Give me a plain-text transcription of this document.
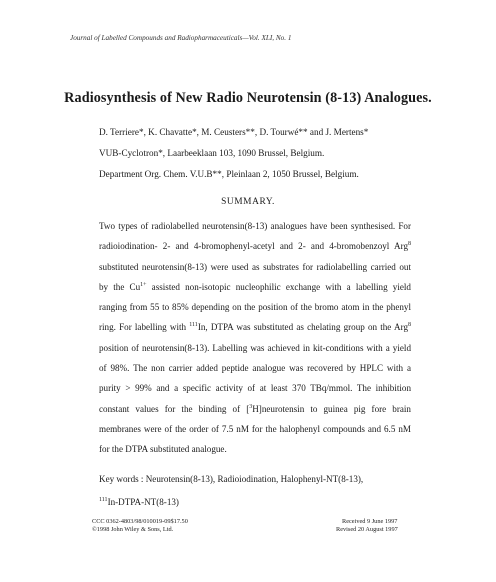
Journal of Labelled Compounds and Radiopharmaceuticals—Vol. XLI, No. 1
Radiosynthesis of New Radio Neurotensin (8-13) Analogues.
D. Terriere*, K. Chavatte*, M. Ceusters**, D. Tourwé** and J. Mertens*
VUB-Cyclotron*, Laarbeeklaan 103, 1090 Brussel, Belgium.
Department Org. Chem. V.U.B**, Pleinlaan 2, 1050 Brussel, Belgium.
SUMMARY.
Two types of radiolabelled neurotensin(8-13) analogues have been synthesised. For
radioiodination- 2- and 4-bromophenyl-acetyl and 2- and 4-bromobenzoyl Arg$^8$
substituted neurotensin(8-13) were used as substrates for radiolabelling carried out
by the $Cu^{1+}$ assisted non-isotopic nucleophilic exchange with a labelling yield
ranging from 55 to 85% depending on the position of the bromo atom in the phenyl
ring. For labelling with $^{111}$In, DTPA was substituted as chelating group on the Arg$^8$
position of neurotensin(8-13). Labelling was achieved in kit-conditions with a yield
of 98%. The non carrier added peptide analogue was recovered by HPLC with a
purity > 99% and a specific activity of at least 370 TBq/mmol. The inhibition
constant values for the binding of [$^3$H]neurotensin to guinea pig fore brain
membranes were of the order of 7.5 nM for the halophenyl compounds and 6.5 nM
for the DTPA substituted analogue.
Key words : Neurotensin(8-13), Radioiodination, Halophenyl-NT(8-13),
$^{111}$In-DTPA-NT(8-13)
CCC 0362-4803/98/010019-09$17.50
©1998 John Wiley & Sons, Ltd.
Received 9 June 1997
Revised 20 August 1997
